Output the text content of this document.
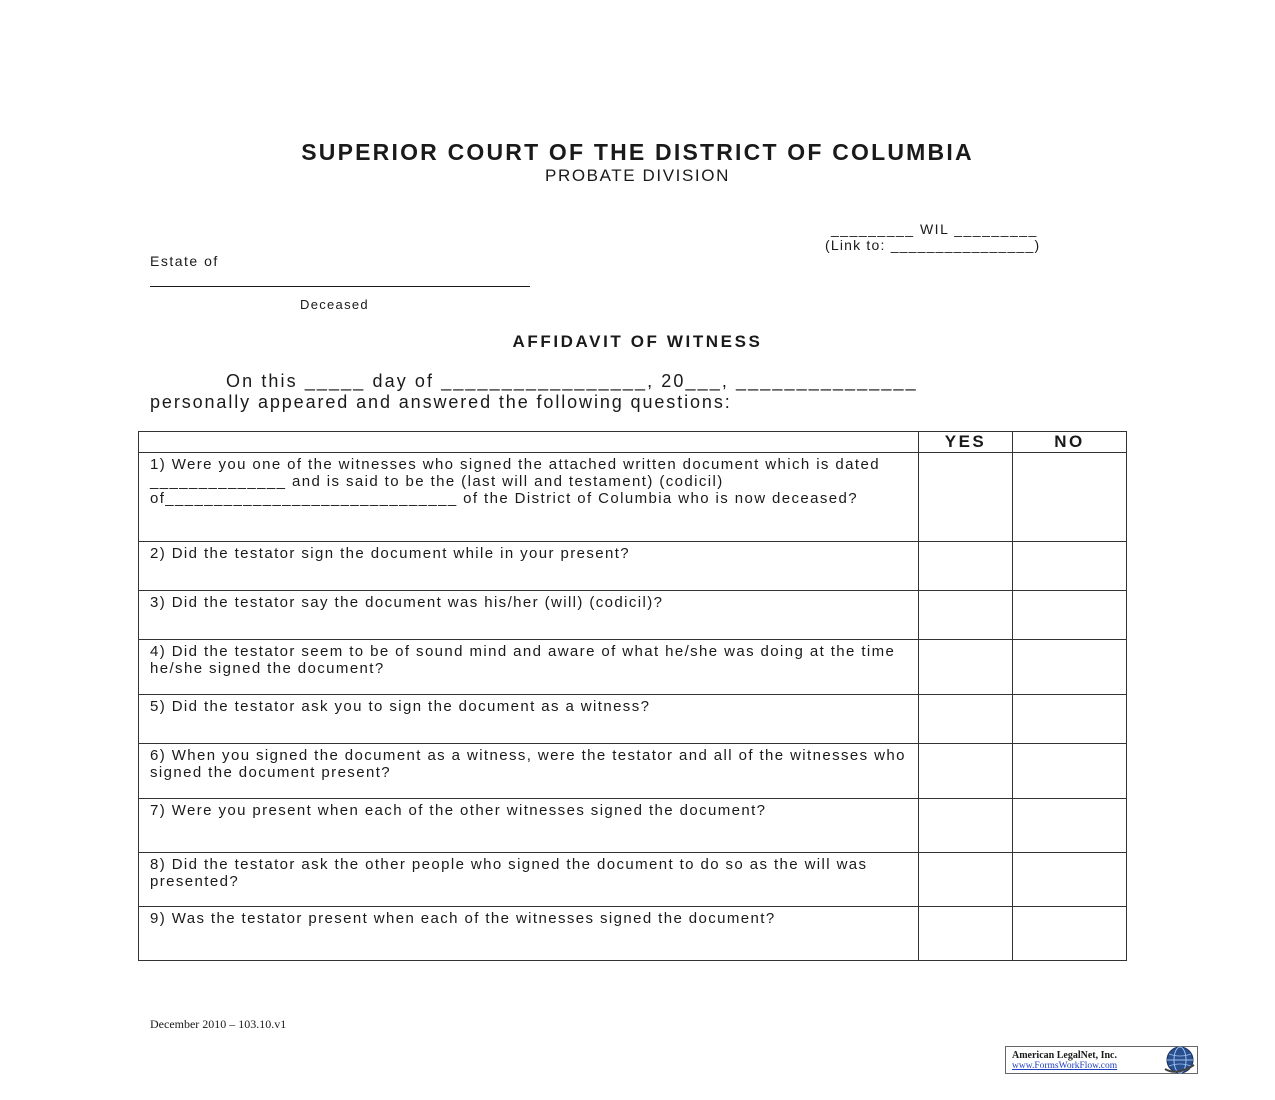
SUPERIOR COURT OF THE DISTRICT OF COLUMBIA
PROBATE DIVISION
_________ WIL _________
(Link to: ________________)
Estate of
Deceased
AFFIDAVIT OF WITNESS
On this _____ day of _________________, 20___, _______________
personally appeared and answered the following questions:
	YES	NO
1) Were you one of the witnesses who signed the attached written document which is dated ______________ and is said to be the (last will and testament) (codicil) of______________________________ of the District of Columbia who is now deceased?		
2) Did the testator sign the document while in your present?		
3) Did the testator say the document was his/her (will) (codicil)?		
4) Did the testator seem to be of sound mind and aware of what he/she was doing at the time he/she signed the document?		
5) Did the testator ask you to sign the document as a witness?		
6) When you signed the document as a witness, were the testator and all of the witnesses who signed the document present?		
7) Were you present when each of the other witnesses signed the document?		
8) Did the testator ask the other people who signed the document to do so as the will was presented?		
9) Was the testator present when each of the witnesses signed the document?		
December 2010 – 103.10.v1
American LegalNet, Inc.
www.FormsWorkFlow.com
